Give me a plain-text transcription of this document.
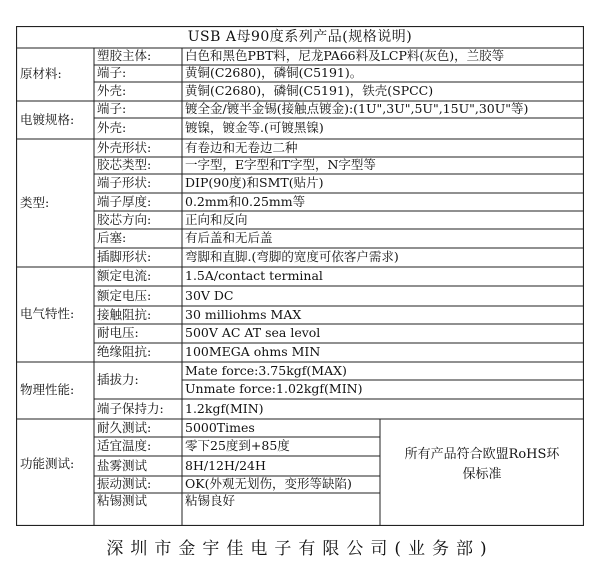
USB A母90度系列产品(规格说明)
原材料:
塑胶主体:	白色和黑色PBT料，尼龙PA66料及LCP料(灰色)，兰胶等
端子:	黄铜(C2680)，磷铜(C5191)。
外壳:	黄铜(C2680)，磷铜(C5191)，铁壳(SPCC)
电镀规格:
端子:	镀全金/镀半金锡(接触点镀金):(1U",3U",5U",15U",30U"等)
外壳:	镀镍，镀金等.(可镀黑镍)
类型:
外壳形状:	有卷边和无卷边二种
胶芯类型:	一字型，E字型和T字型，N字型等
端子形状:	DIP(90度)和SMT(贴片)
端子厚度:	0.2mm和0.25mm等
胶芯方向:	正向和反向
后塞:	有后盖和无后盖
插脚形状:	弯脚和直脚.(弯脚的宽度可依客户需求)
电气特性:
额定电流:	1.5A/contact terminal
额定电压:	30V DC
接触阻抗:	30 milliohms MAX
耐电压:	500V AC AT sea levol
绝缘阻抗:	100MEGA ohms MIN
物理性能:
插拔力:
Mate force:3.75kgf(MAX)
Unmate force:1.02kgf(MIN)
端子保持力:	1.2kgf(MIN)
功能测试:
耐久测试:	5000Times
适宜温度:	零下25度到+85度
盐雾测试	8H/12H/24H
振动测试:	OK(外观无划伤，变形等缺陷)
粘锡测试	粘锡良好
所有产品符合欧盟RoHS环保标准
深圳市金宇佳电子有限公司(业务部)
